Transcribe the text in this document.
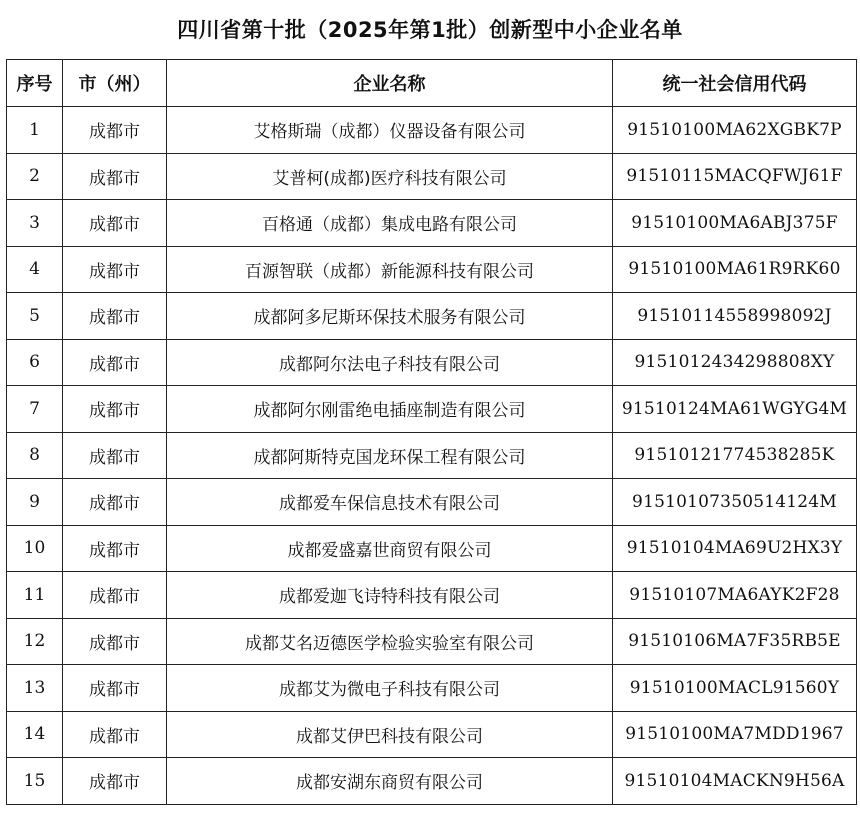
四川省第十批（2025年第1批）创新型中小企业名单
序号	市（州）	企业名称	统一社会信用代码
1	成都市	艾格斯瑞（成都）仪器设备有限公司	91510100MA62XGBK7P
2	成都市	艾普柯(成都)医疗科技有限公司	91510115MACQFWJ61F
3	成都市	百格通（成都）集成电路有限公司	91510100MA6ABJ375F
4	成都市	百源智联（成都）新能源科技有限公司	91510100MA61R9RK60
5	成都市	成都阿多尼斯环保技术服务有限公司	91510114558998092J
6	成都市	成都阿尔法电子科技有限公司	9151012434298808XY
7	成都市	成都阿尔刚雷绝电插座制造有限公司	91510124MA61WGYG4M
8	成都市	成都阿斯特克国龙环保工程有限公司	91510121774538285K
9	成都市	成都爱车保信息技术有限公司	91510107350514124M
10	成都市	成都爱盛嘉世商贸有限公司	91510104MA69U2HX3Y
11	成都市	成都爱迦飞诗特科技有限公司	91510107MA6AYK2F28
12	成都市	成都艾名迈德医学检验实验室有限公司	91510106MA7F35RB5E
13	成都市	成都艾为微电子科技有限公司	91510100MACL91560Y
14	成都市	成都艾伊巴科技有限公司	91510100MA7MDD1967
15	成都市	成都安湖东商贸有限公司	91510104MACKN9H56A
